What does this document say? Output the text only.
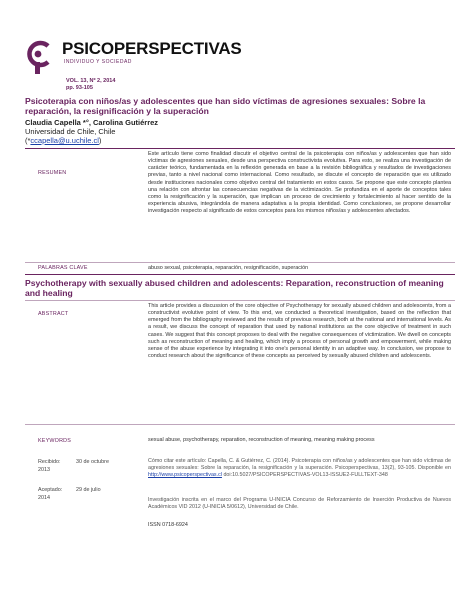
PSICOPERSPECTIVAS
INDIVIDUO Y SOCIEDAD
VOL. 13, Nº 2, 2014
pp. 93-105
Psicoterapia con niños/as y adolescentes que han sido víctimas de agresiones sexuales: Sobre la reparación, la resignificación y la superación
Claudia Capella *°, Carolina Gutiérrez
Universidad de Chile, Chile
(*ccapella@u.uchile.cl)
RESUMEN
Este artículo tiene como finalidad discutir el objetivo central de la psicoterapia con niños/as y adolescentes que han sido víctimas de agresiones sexuales, desde una perspectiva constructivista evolutiva. Para esto, se realiza una investigación de carácter teórico, fundamentada en la reflexión generada en base a la revisión bibliográfica y resultados de investigaciones previas, tanto a nivel nacional como internacional. Como resultado, se discute el concepto de reparación que es utilizado desde instituciones nacionales como objetivo central del tratamiento en estos casos. Se propone que este concepto plantea una relación con afrontar las consecuencias negativas de la victimización. Se profundiza en el aporte de conceptos tales como la resignificación y la superación, que implican un proceso de crecimiento y fortalecimiento al hacer sentido de la experiencia abusiva, integrándola de manera adaptativa a la propia identidad. Como conclusiones, se propone desarrollar investigación respecto al significado de estos conceptos para los mismos niños/as y adolescentes afectados.
PALABRAS CLAVE	abuso sexual, psicoterapia, reparación, resignificación, superación
Psychotherapy with sexually abused children and adolescents: Reparation, reconstruction of meaning and healing
ABSTRACT
This article provides a discussion of the core objective of Psychotherapy for sexually abused children and adolescents, from a constructivist evolutive point of view. To this end, we conducted a theoretical investigation, based on the reflection that emerged from the bibliography reviewed and the results of previous research, both at the national and international levels. As a result, we discuss the concept of reparation that used by national institutions as the core objective of treatment in such cases. We suggest that this concept proposes to deal with the negative consequences of victimization. We dwell on concepts such as reconstruction of meaning and healing, which imply a process of personal growth and empowerment, while making sense of the abuse experience by integrating it into one's personal identity in an adaptive way. In conclusion, we propose to conduct research about the significance of these concepts as perceived by sexually abused children and adolescents.
KEYWORDS	sexual abuse, psychotherapy, reparation, reconstruction of meaning, meaning making process
Recibido:	30 de octubre
2013
Aceptado:	29 de julio
2014
Cómo citar este artículo: Capella, C. & Gutiérrez, C. (2014). Psicoterapia con niños/as y adolescentes que han sido víctimas de agresiones sexuales: Sobre la reparación, la resignificación y la superación. Psicoperspectivas, 13(2), 93-105. Disponible en http://www.psicoperspectivas.cl doi:10.5027/PSICOPERSPECTIVAS-VOL13-ISSUE2-FULLTEXT-348
Investigación inscrita en el marco del Programa U-INICIA Concurso de Reforzamiento de Inserción Productiva de Nuevos Académicos VID 2012 (U-INICIA 5/0612), Universidad de Chile.
ISSN 0718-6924
